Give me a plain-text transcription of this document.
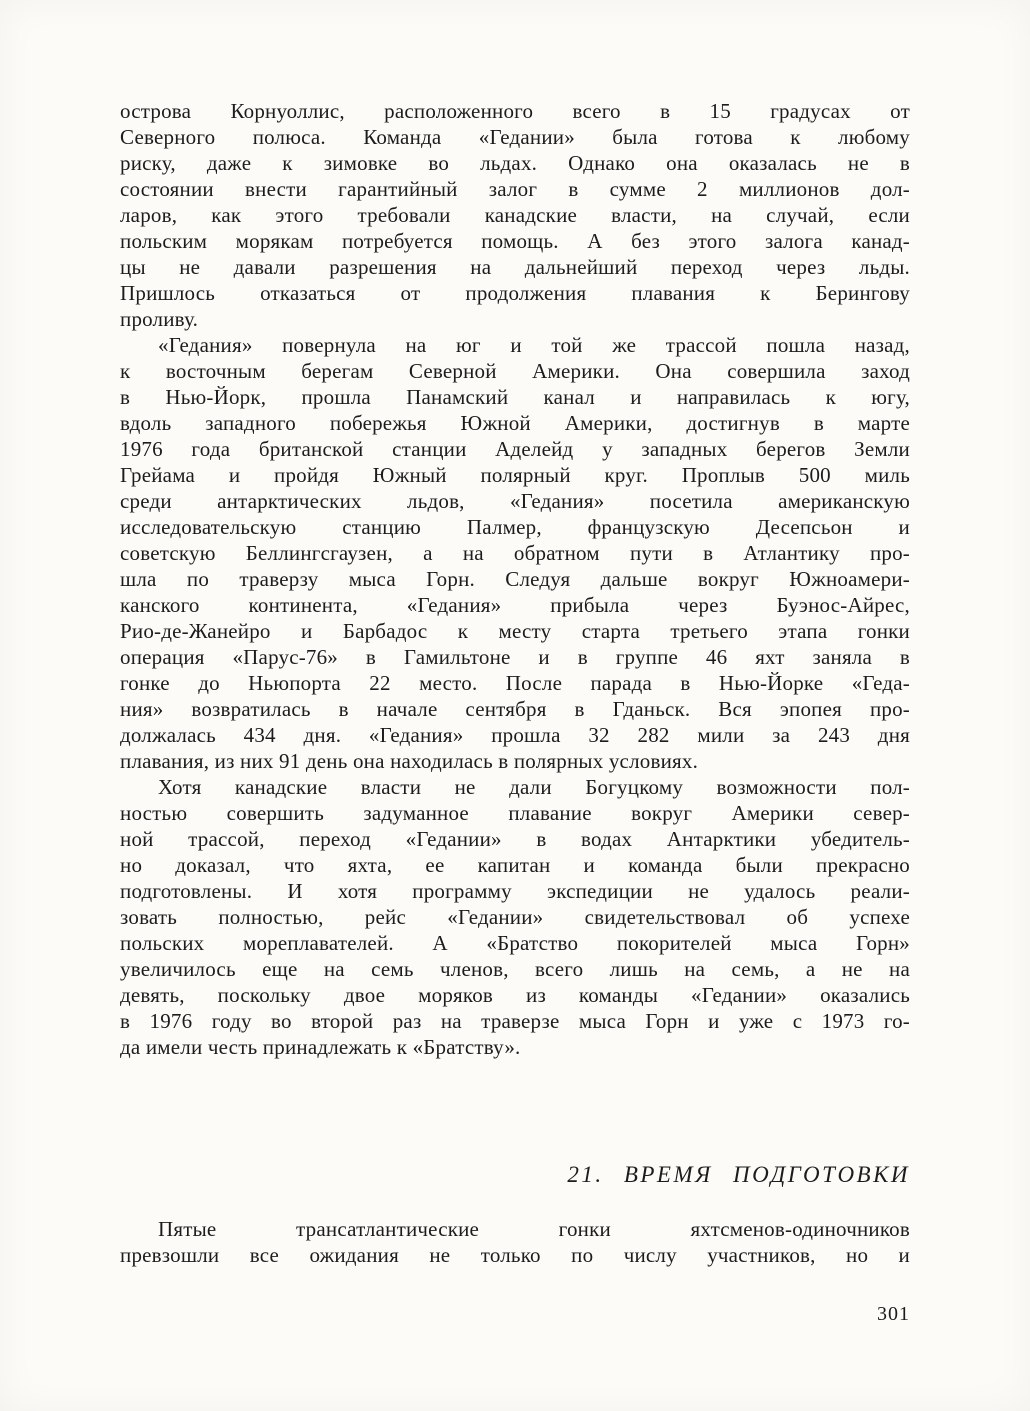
острова Корнуоллис, расположенного всего в 15 градусах от
Северного полюса. Команда «Гедании» была готова к любому
риску, даже к зимовке во льдах. Однако она оказалась не в
состоянии внести гарантийный залог в сумме 2 миллионов дол-
ларов, как этого требовали канадские власти, на случай, если
польским морякам потребуется помощь. А без этого залога канад-
цы не давали разрешения на дальнейший переход через льды.
Пришлось отказаться от продолжения плавания к Берингову
проливу.

«Гедания» повернула на юг и той же трассой пошла назад,
к восточным берегам Северной Америки. Она совершила заход
в Нью-Йорк, прошла Панамский канал и направилась к югу,
вдоль западного побережья Южной Америки, достигнув в марте
1976 года британской станции Аделейд у западных берегов Земли
Грейама и пройдя Южный полярный круг. Проплыв 500 миль
среди антарктических льдов, «Гедания» посетила американскую
исследовательскую станцию Палмер, французскую Десепсьон и
советскую Беллингсгаузен, а на обратном пути в Атлантику про-
шла по траверзу мыса Горн. Следуя дальше вокруг Южноамери-
канского континента, «Гедания» прибыла через Буэнос-Айрес,
Рио-де-Жанейро и Барбадос к месту старта третьего этапа гонки
операция «Парус-76» в Гамильтоне и в группе 46 яхт заняла в
гонке до Ньюпорта 22 место. После парада в Нью-Йорке «Геда-
ния» возвратилась в начале сентября в Гданьск. Вся эпопея про-
должалась 434 дня. «Гедания» прошла 32 282 мили за 243 дня
плавания, из них 91 день она находилась в полярных условиях.

Хотя канадские власти не дали Богуцкому возможности пол-
ностью совершить задуманное плавание вокруг Америки север-
ной трассой, переход «Гедании» в водах Антарктики убедитель-
но доказал, что яхта, ее капитан и команда были прекрасно
подготовлены. И хотя программу экспедиции не удалось реали-
зовать полностью, рейс «Гедании» свидетельствовал об успехе
польских мореплавателей. А «Братство покорителей мыса Горн»
увеличилось еще на семь членов, всего лишь на семь, а не на
девять, поскольку двое моряков из команды «Гедании» оказались
в 1976 году во второй раз на траверзе мыса Горн и уже с 1973 го-
да имели честь принадлежать к «Братству».

21. ВРЕМЯ ПОДГОТОВКИ

Пятые трансатлантические гонки яхтсменов-одиночников
превзошли все ожидания не только по числу участников, но и

301
